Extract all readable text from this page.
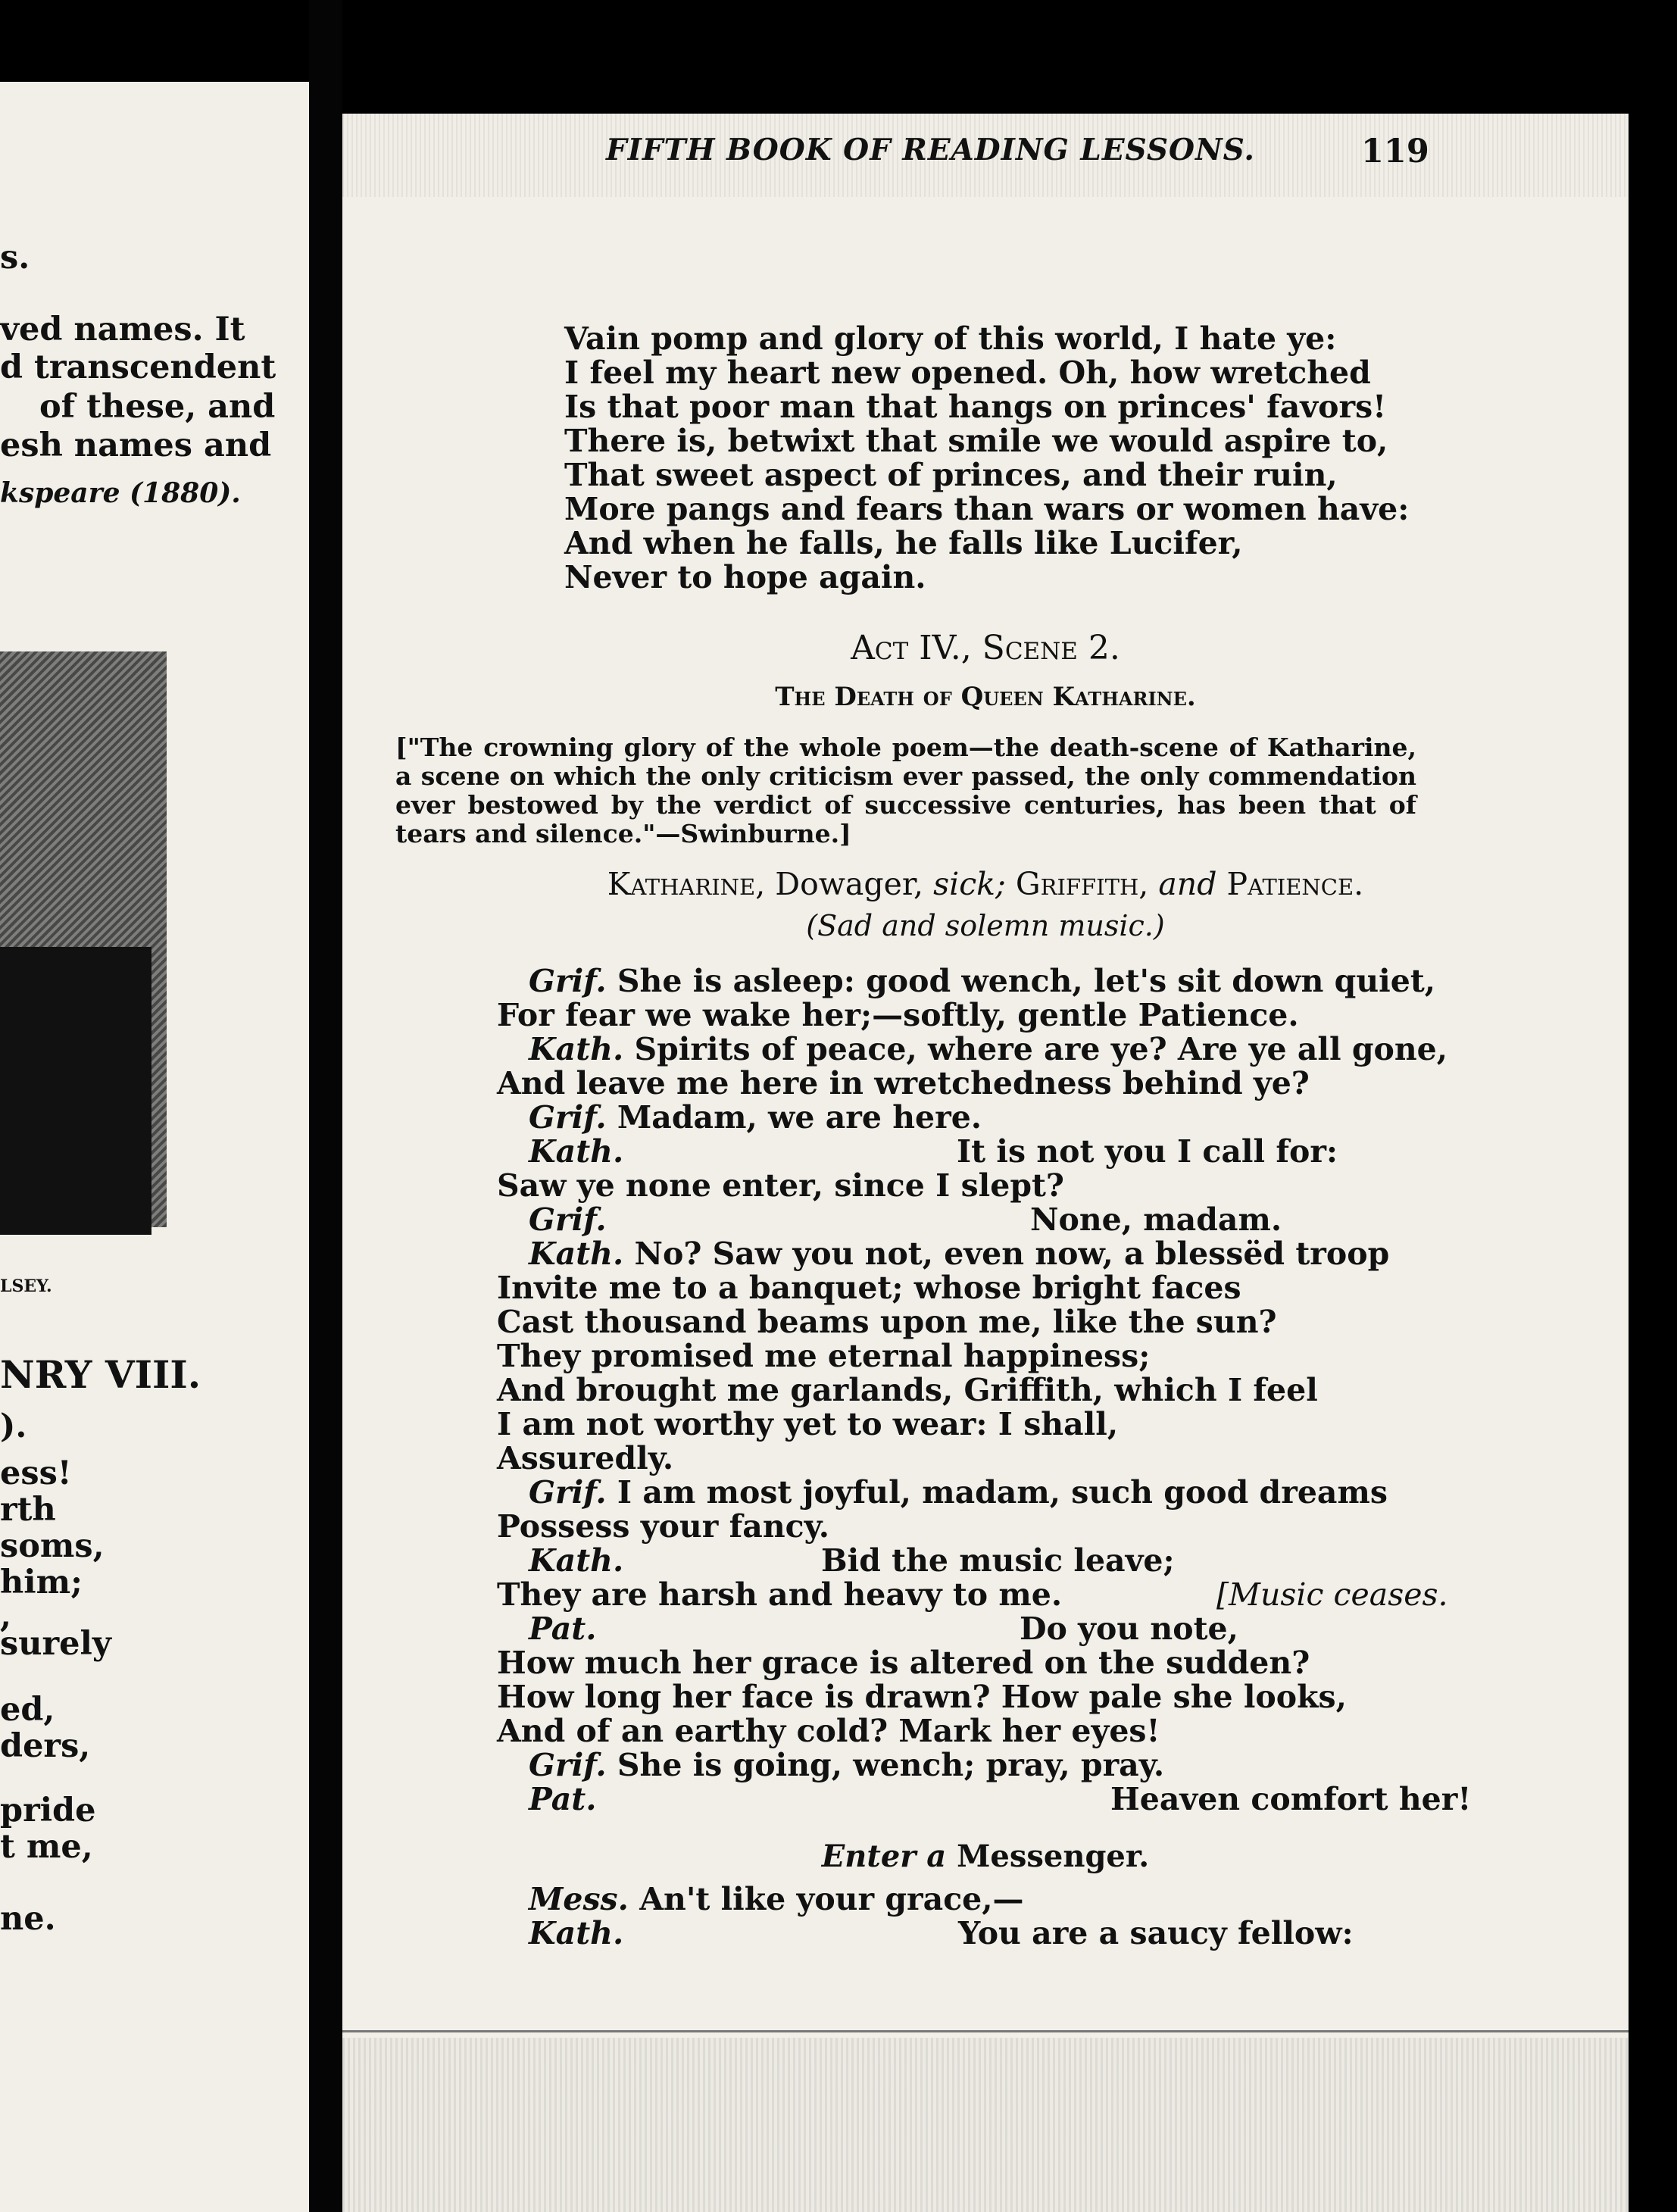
s.
ved names. It
d transcendent
of these, and
esh names and
kspeare (1880).
LSEY.
NRY VIII.
).
ess!
rth
soms,
him;
,
surely
ed,
ders,
pride
t me,
ne.
FIFTH BOOK OF READING LESSONS.	119
Vain pomp and glory of this world, I hate ye:
I feel my heart new opened. Oh, how wretched
Is that poor man that hangs on princes' favors!
There is, betwixt that smile we would aspire to,
That sweet aspect of princes, and their ruin,
More pangs and fears than wars or women have:
And when he falls, he falls like Lucifer,
Never to hope again.
Act IV., Scene 2.
The Death of Queen Katharine.
["The crowning glory of the whole poem—the death-scene of Katharine, a scene on which the only criticism ever passed, the only commendation ever bestowed by the verdict of successive centuries, has been that of tears and silence."—Swinburne.]
Katharine, Dowager, sick; Griffith, and Patience.
(Sad and solemn music.)
Grif. She is asleep: good wench, let's sit down quiet,
For fear we wake her;—softly, gentle Patience.
Kath. Spirits of peace, where are ye? Are ye all gone,
And leave me here in wretchedness behind ye?
Grif. Madam, we are here.
Kath.	It is not you I call for:
Saw ye none enter, since I slept?
Grif.	None, madam.
Kath. No? Saw you not, even now, a blessëd troop
Invite me to a banquet; whose bright faces
Cast thousand beams upon me, like the sun?
They promised me eternal happiness;
And brought me garlands, Griffith, which I feel
I am not worthy yet to wear: I shall,
Assuredly.
Grif. I am most joyful, madam, such good dreams
Possess your fancy.
Kath.	Bid the music leave;
They are harsh and heavy to me.	[Music ceases.
Pat.	Do you note,
How much her grace is altered on the sudden?
How long her face is drawn? How pale she looks,
And of an earthy cold? Mark her eyes!
Grif. She is going, wench; pray, pray.
Pat.	Heaven comfort her!
Enter a Messenger.
Mess. An't like your grace,—
Kath.	You are a saucy fellow:
